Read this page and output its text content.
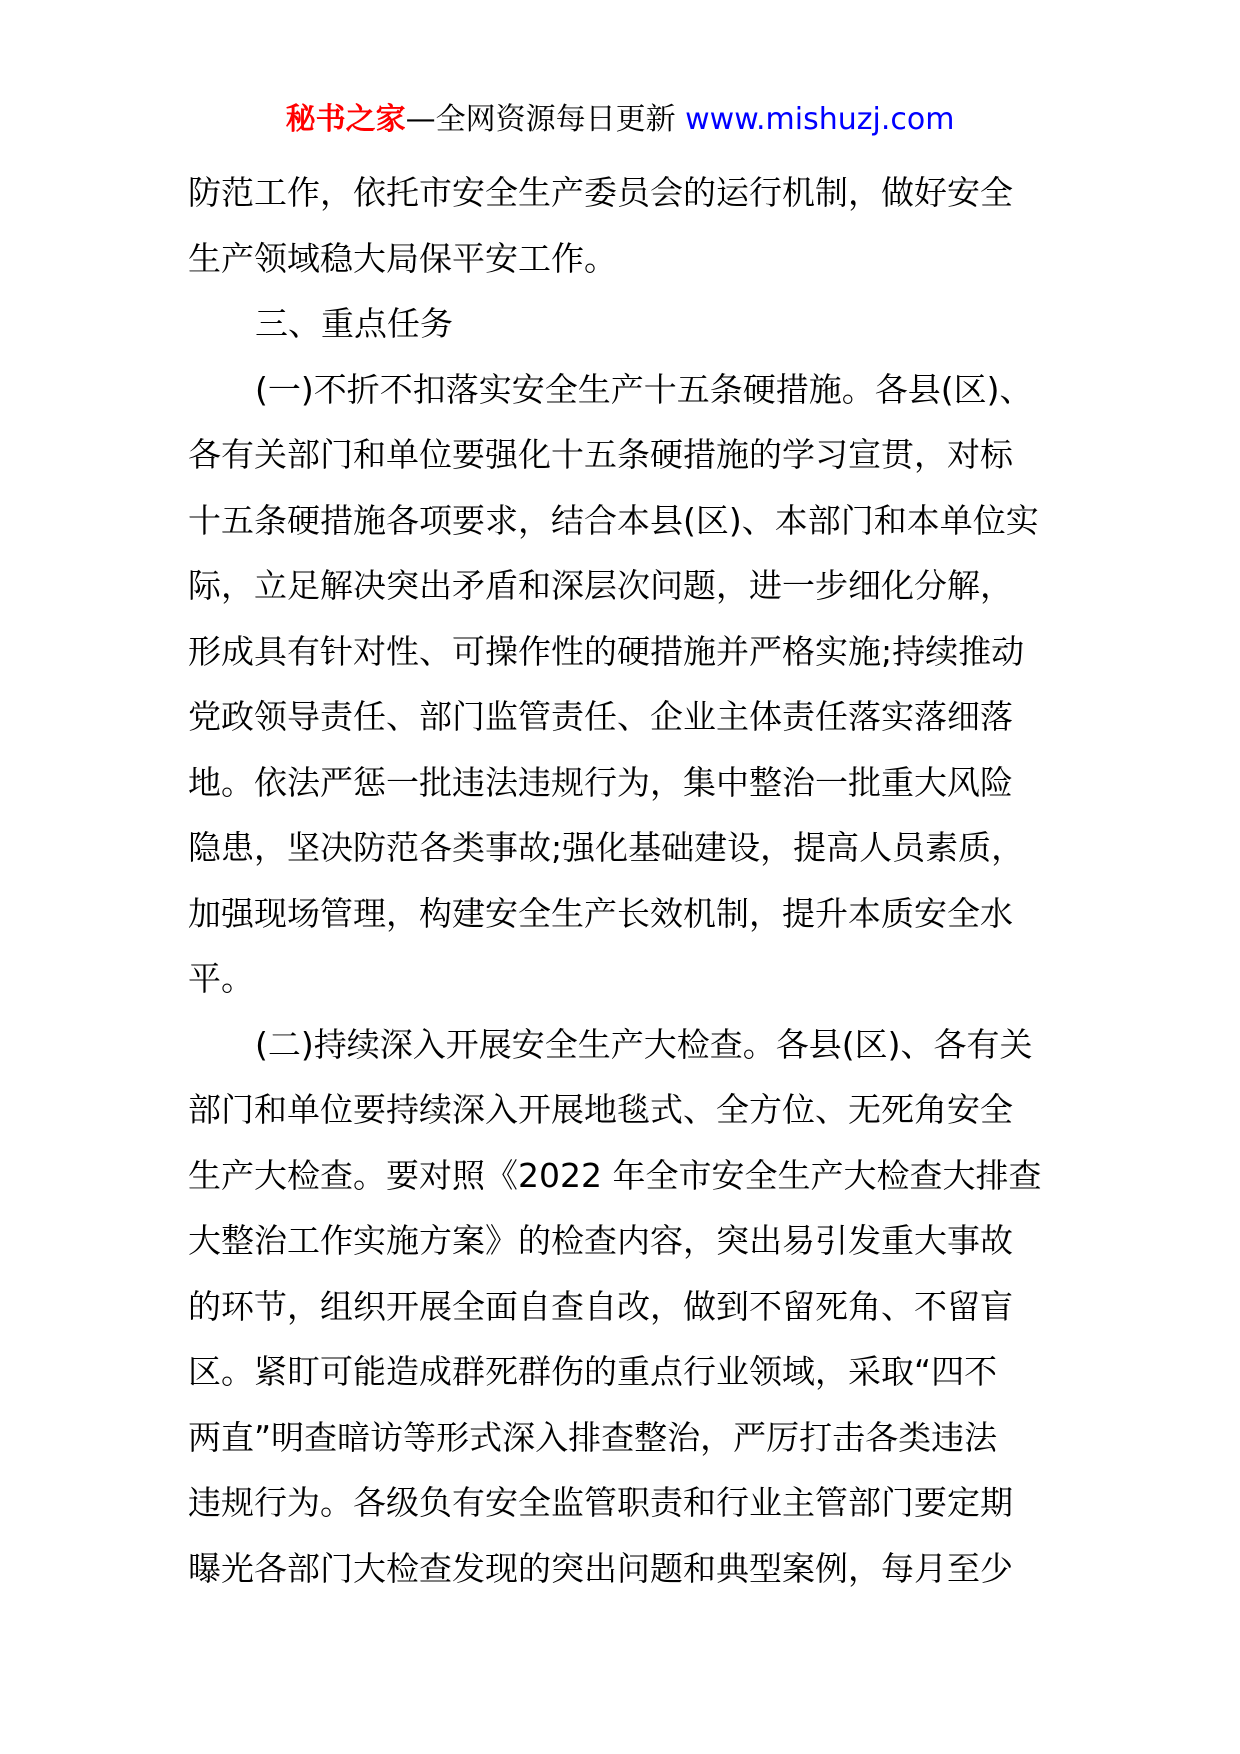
秘书之家—全网资源每日更新 www.mishuzj.com
防范工作，依托市安全生产委员会的运行机制，做好安全
生产领域稳大局保平安工作。
三、重点任务
(一)不折不扣落实安全生产十五条硬措施。各县(区)、
各有关部门和单位要强化十五条硬措施的学习宣贯，对标
十五条硬措施各项要求，结合本县(区)、本部门和本单位实
际，立足解决突出矛盾和深层次问题，进一步细化分解，
形成具有针对性、可操作性的硬措施并严格实施;持续推动
党政领导责任、部门监管责任、企业主体责任落实落细落
地。依法严惩一批违法违规行为，集中整治一批重大风险
隐患，坚决防范各类事故;强化基础建设，提高人员素质，
加强现场管理，构建安全生产长效机制，提升本质安全水
平。
(二)持续深入开展安全生产大检查。各县(区)、各有关
部门和单位要持续深入开展地毯式、全方位、无死角安全
生产大检查。要对照《2022 年全市安全生产大检查大排查
大整治工作实施方案》的检查内容，突出易引发重大事故
的环节，组织开展全面自查自改，做到不留死角、不留盲
区。紧盯可能造成群死群伤的重点行业领域，采取“四不
两直”明查暗访等形式深入排查整治，严厉打击各类违法
违规行为。各级负有安全监管职责和行业主管部门要定期
曝光各部门大检查发现的突出问题和典型案例，每月至少
